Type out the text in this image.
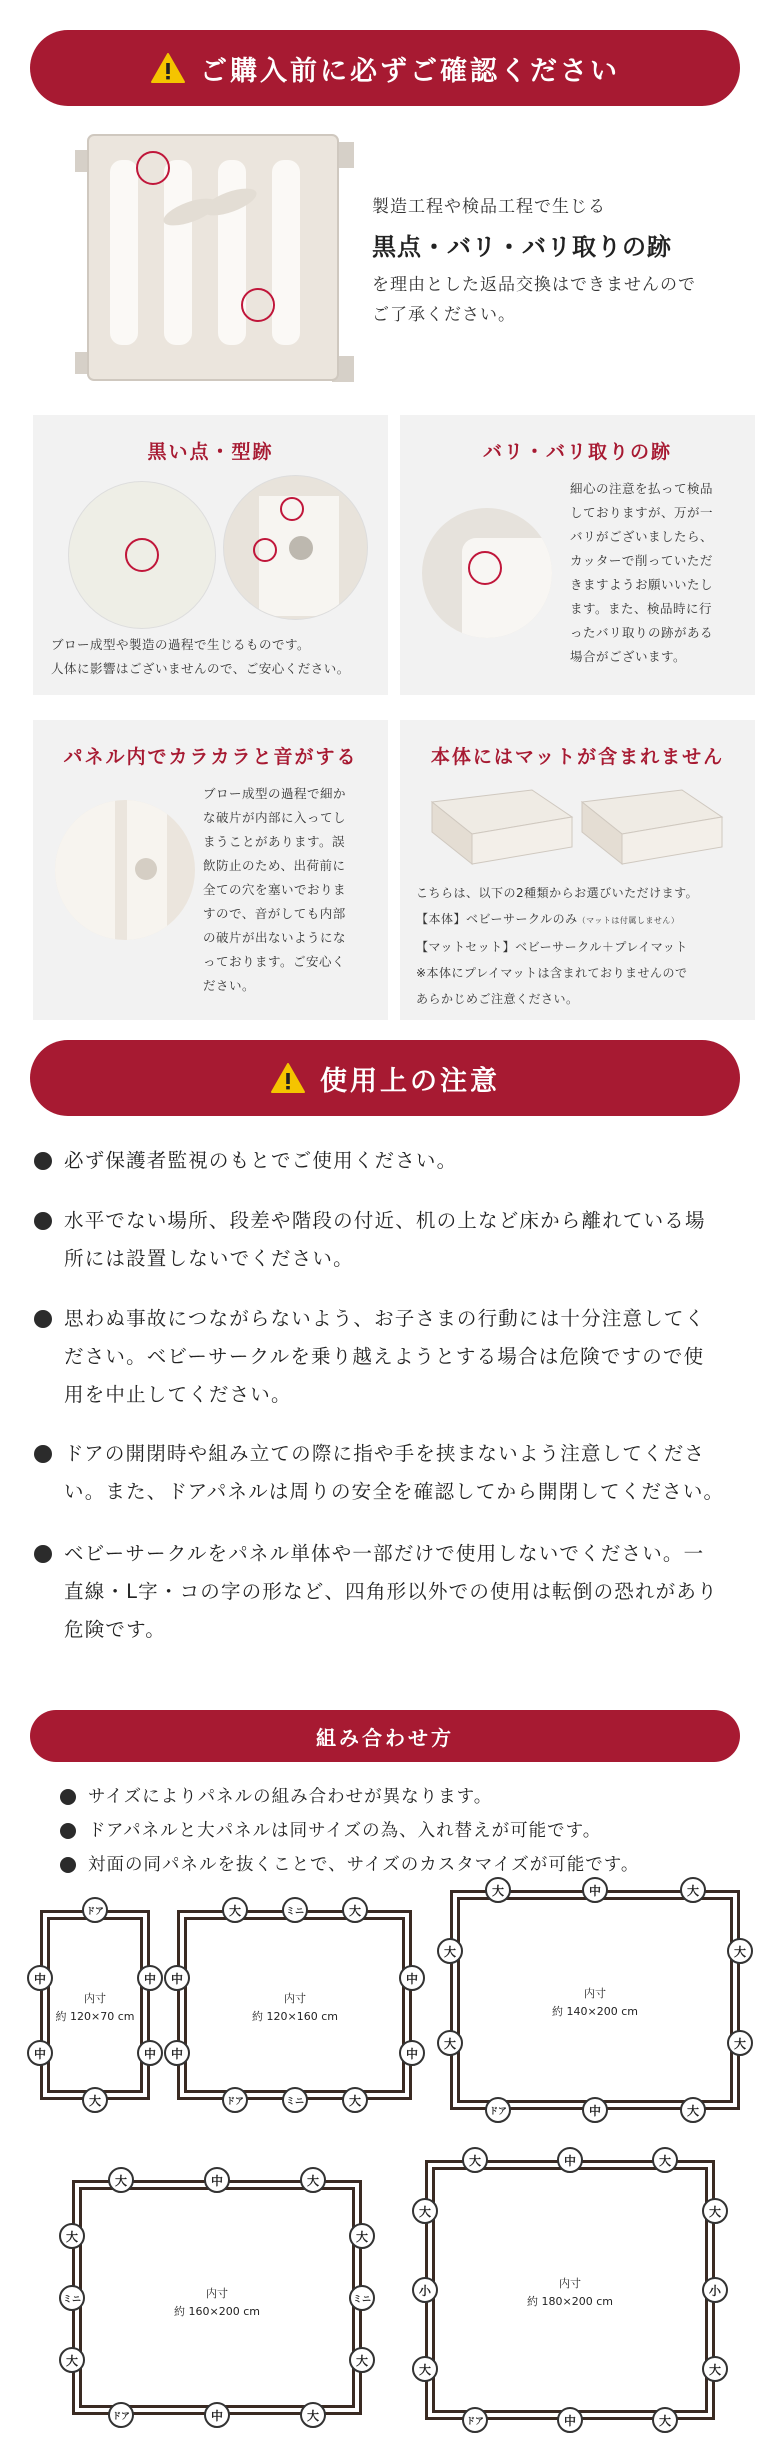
ご購入前に必ずご確認ください
製造工程や検品工程で生じる
黒点・バリ・バリ取りの跡
を理由とした返品交換はできませんので
ご了承ください。
黒い点・型跡
ブロー成型や製造の過程で生じるものです。
人体に影響はございませんので、ご安心ください。
バリ・バリ取りの跡
細心の注意を払って検品
しておりますが、万が一
バリがございましたら、
カッターで削っていただ
きますようお願いいたし
ます。また、検品時に行
ったバリ取りの跡がある
場合がございます。
パネル内でカラカラと音がする
ブロー成型の過程で細か
な破片が内部に入ってし
まうことがあります。誤
飲防止のため、出荷前に
全ての穴を塞いでおりま
すので、音がしても内部
の破片が出ないようにな
っております。ご安心く
ださい。
本体にはマットが含まれません
こちらは、以下の2種類からお選びいただけます。
【本体】ベビーサークルのみ（マットは付属しません）
【マットセット】ベビーサークル＋プレイマット
※本体にプレイマットは含まれておりませんので
あらかじめご注意ください。
使用上の注意
必ず保護者監視のもとでご使用ください。
水平でない場所、段差や階段の付近、机の上など床から離れている場
所には設置しないでください。
思わぬ事故につながらないよう、お子さまの行動には十分注意してく
ださい。ベビーサークルを乗り越えようとする場合は危険ですので使
用を中止してください。
ドアの開閉時や組み立ての際に指や手を挟まないよう注意してくださ
い。また、ドアパネルは周りの安全を確認してから開閉してください。
ベビーサークルをパネル単体や一部だけで使用しないでください。一
直線・L字・コの字の形など、四角形以外での使用は転倒の恐れがあり
危険です。
組み合わせ方
サイズによりパネルの組み合わせが異なります。
ドアパネルと大パネルは同サイズの為、入れ替えが可能です。
対面の同パネルを抜くことで、サイズのカスタマイズが可能です。
内寸
約 120×70 cm
ドア
中
中
中
中
大
内寸
約 120×160 cm
大	ミニ	大
中
中
中
中
ドア	ミニ	大
内寸
約 140×200 cm
大	中	大
大
大
大
大
ドア	中	大
内寸
約 160×200 cm
大	中	大
大
ミニ
大
大
ミニ
大
ドア	中	大
内寸
約 180×200 cm
大	中	大
大
小
大
大
小
大
ドア	中	大
